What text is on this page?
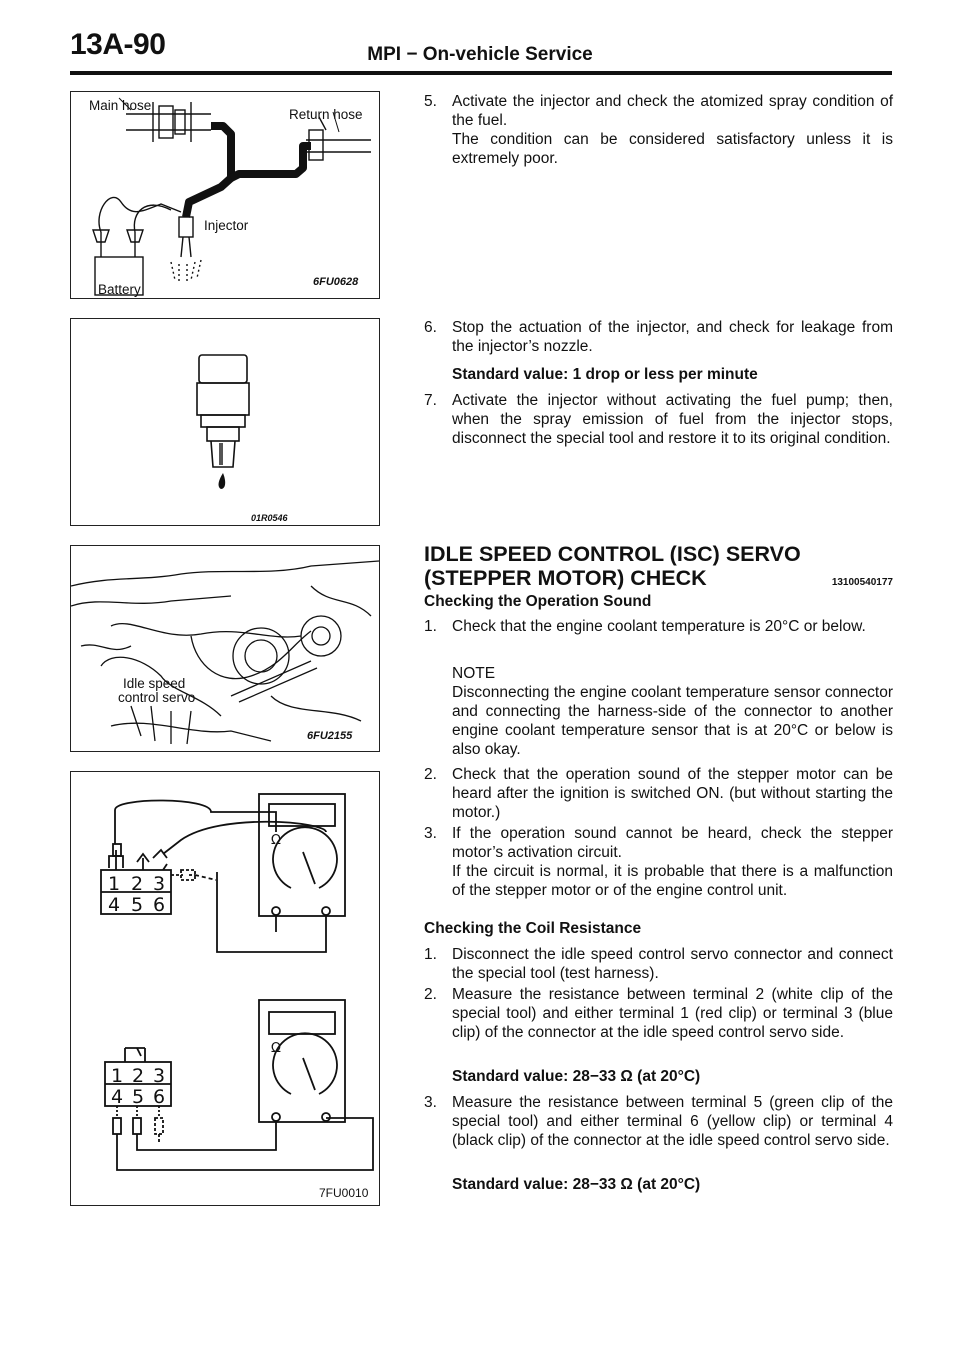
13A-90	MPI − On-vehicle Service
Main hose
Return hose
Injector
Battery	6FU0628
01R0546
Idle speed
control servo
6FU2155
1 2 3
4 5 6
1 2 3
4 5 6
Ω
Ω
7FU0010
5. Activate the injector and check the atomized spray condition of the fuel.
The condition can be considered satisfactory unless it is extremely poor.
6. Stop the actuation of the injector, and check for leakage from the injector’s nozzle.
Standard value: 1 drop or less per minute
7. Activate the injector without activating the fuel pump; then, when the spray emission of fuel from the injector stops, disconnect the special tool and restore it to its original condition.
IDLE SPEED CONTROL (ISC) SERVO
(STEPPER MOTOR) CHECK	13100540177
Checking the Operation Sound
1. Check that the engine coolant temperature is 20°C or below.
NOTE
Disconnecting the engine coolant temperature sensor connector and connecting the harness-side of the connector to another engine coolant temperature sensor that is at 20°C or below is also okay.
2. Check that the operation sound of the stepper motor can be heard after the ignition is switched ON. (but without starting the motor.)
3. If the operation sound cannot be heard, check the stepper motor’s activation circuit.
If the circuit is normal, it is probable that there is a malfunction of the stepper motor or of the engine control unit.
Checking the Coil Resistance
1. Disconnect the idle speed control servo connector and connect the special tool (test harness).
2. Measure the resistance between terminal 2 (white clip of the special tool) and either terminal 1 (red clip) or terminal 3 (blue clip) of the connector at the idle speed control servo side.
Standard value: 28−33 Ω (at 20°C)
3. Measure the resistance between terminal 5 (green clip of the special tool) and either terminal 6 (yellow clip) or terminal 4 (black clip) of the connector at the idle speed control servo side.
Standard value: 28−33 Ω (at 20°C)
